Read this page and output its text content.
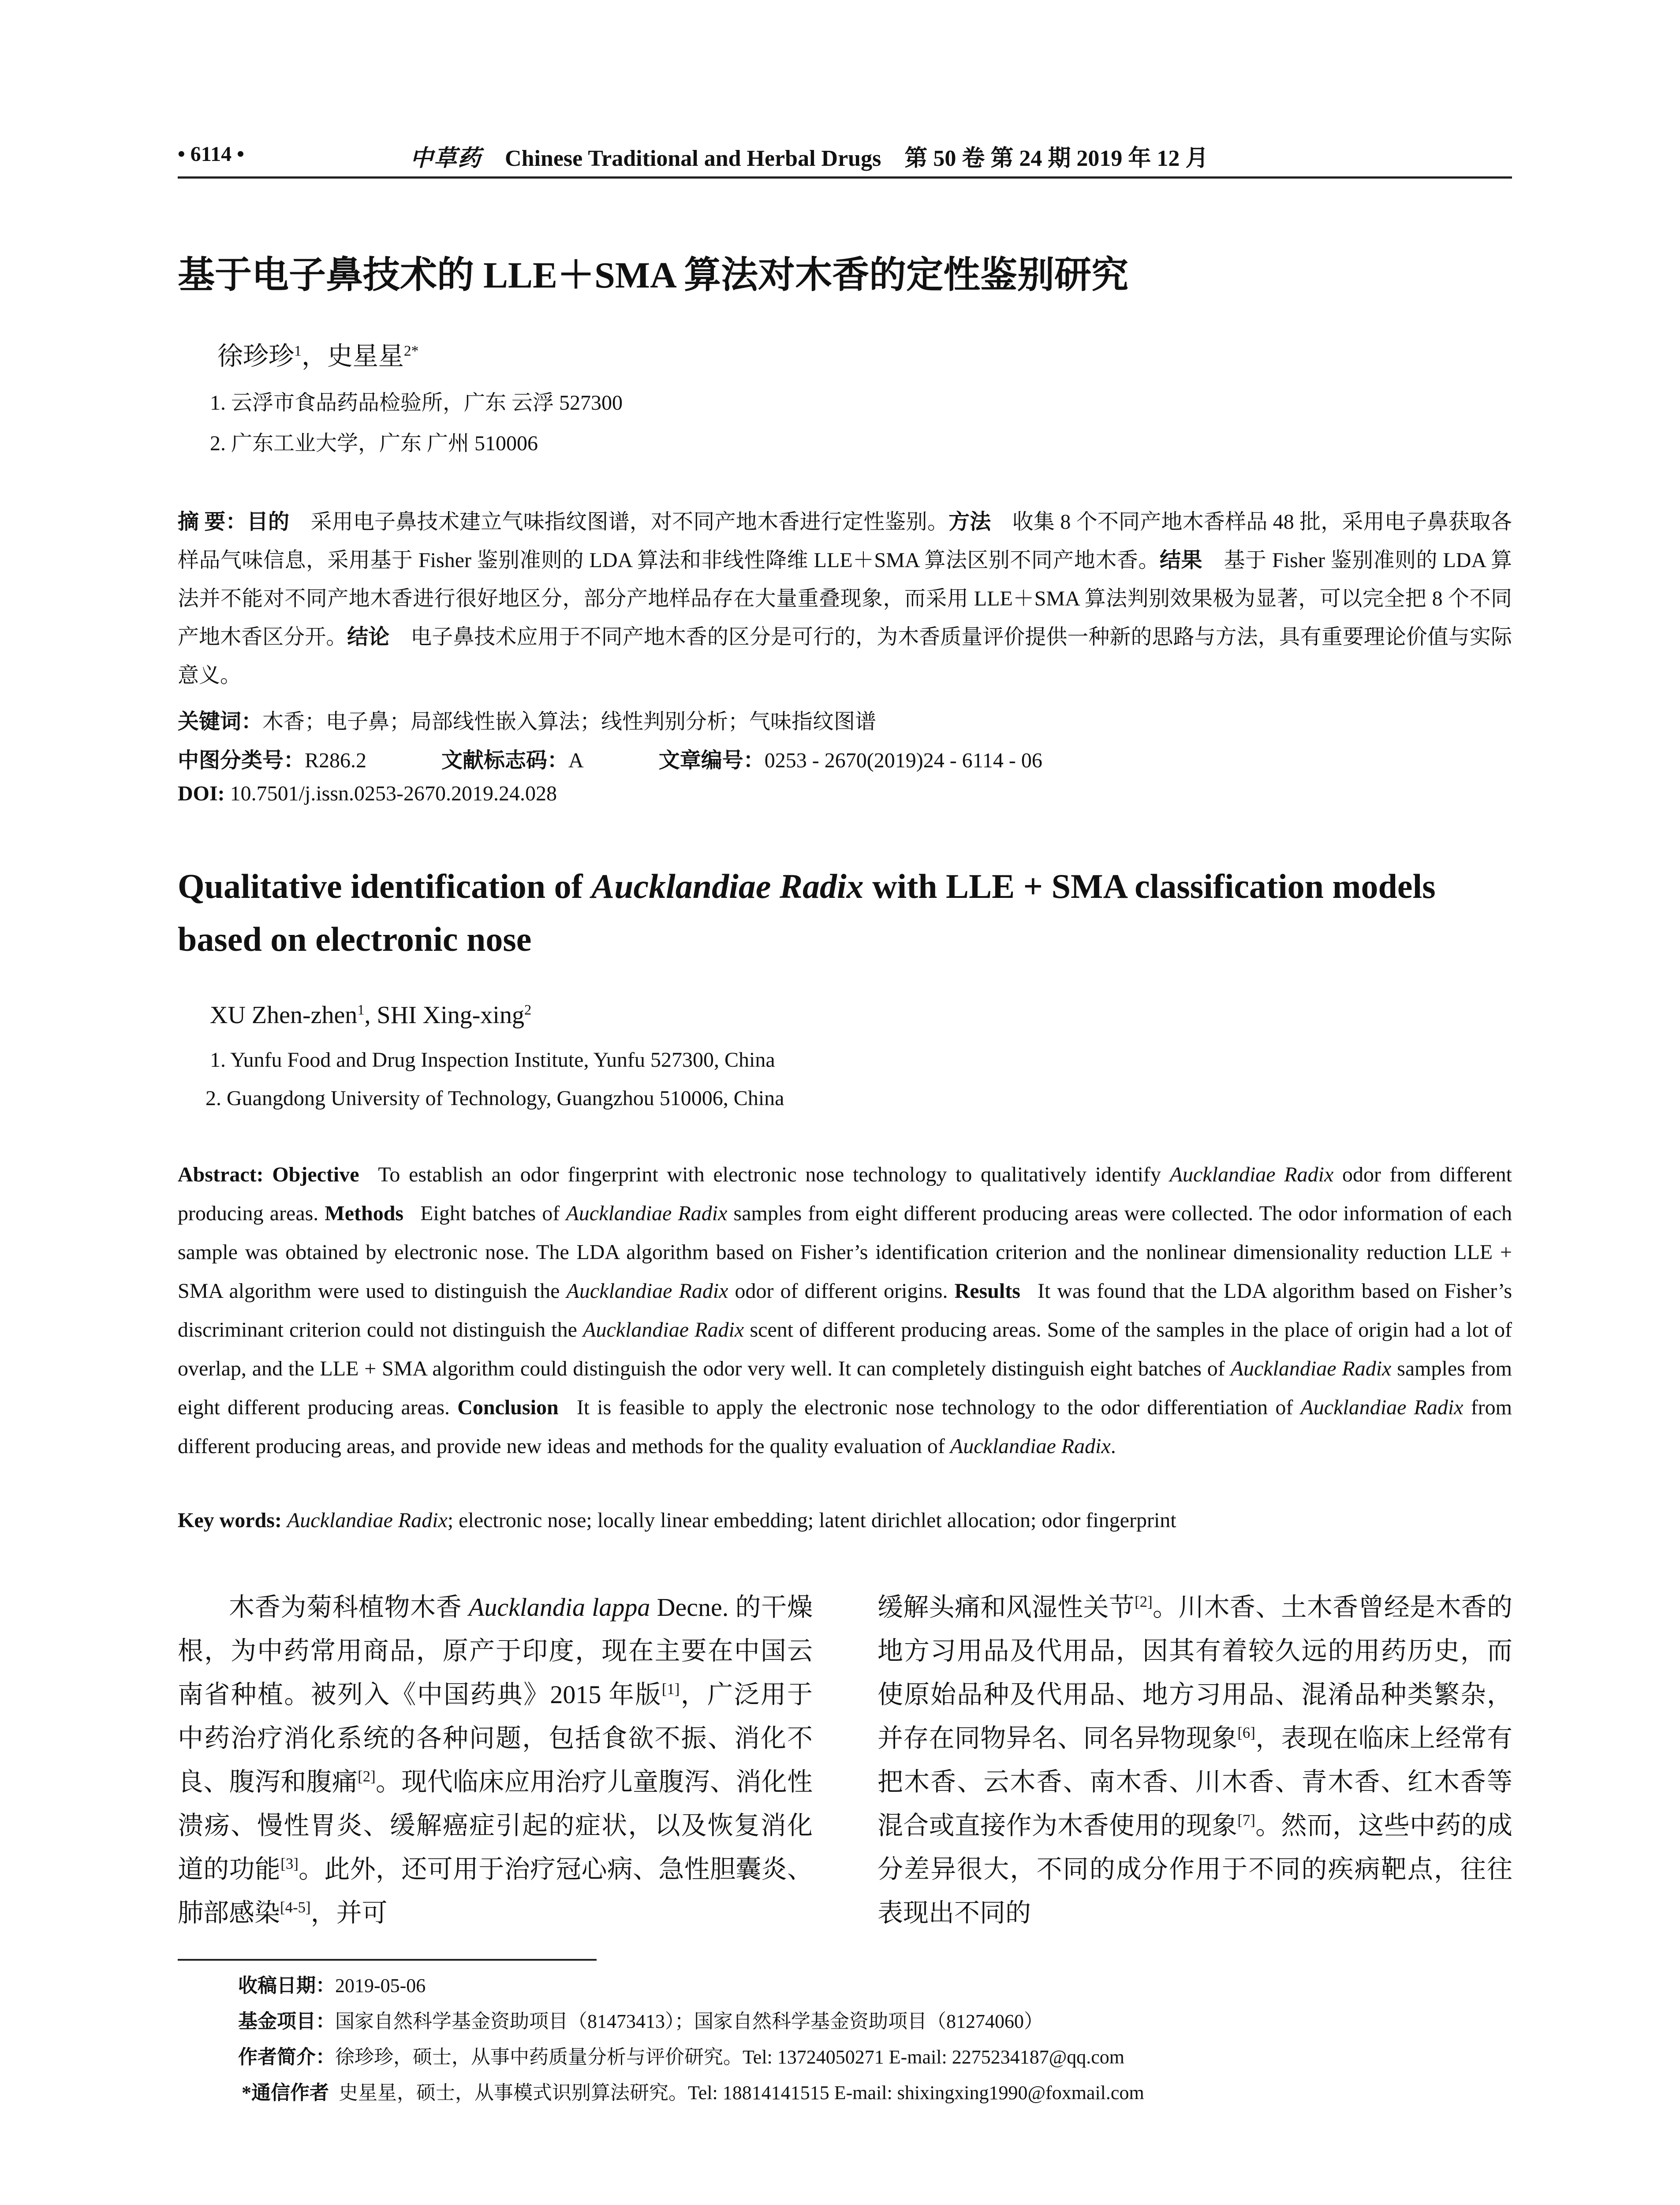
• 6114 •	中草药 Chinese Traditional and Herbal Drugs 第 50 卷 第 24 期 2019 年 12 月
基于电子鼻技术的 LLE＋SMA 算法对木香的定性鉴别研究
徐珍珍$^1$，史星星$^{2*}$
1. 云浮市食品药品检验所，广东 云浮 527300
2. 广东工业大学，广东 广州 510006
摘 要：目的  采用电子鼻技术建立气味指纹图谱，对不同产地木香进行定性鉴别。方法  收集 8 个不同产地木香样品 48 批，采用电子鼻获取各样品气味信息，采用基于 Fisher 鉴别准则的 LDA 算法和非线性降维 LLE＋SMA 算法区别不同产地木香。结果  基于 Fisher 鉴别准则的 LDA 算法并不能对不同产地木香进行很好地区分，部分产地样品存在大量重叠现象，而采用 LLE＋SMA 算法判别效果极为显著，可以完全把 8 个不同产地木香区分开。结论  电子鼻技术应用于不同产地木香的区分是可行的，为木香质量评价提供一种新的思路与方法，具有重要理论价值与实际意义。
关键词：木香；电子鼻；局部线性嵌入算法；线性判别分析；气味指纹图谱
中图分类号：R286.2	文献标志码：A	文章编号：0253 - 2670(2019)24 - 6114 - 06
DOI: 10.7501/j.issn.0253-2670.2019.24.028
Qualitative identification of Aucklandiae Radix with LLE + SMA classification models based on electronic nose
XU Zhen-zhen$^1$, SHI Xing-xing$^2$
1. Yunfu Food and Drug Inspection Institute, Yunfu 527300, China
2. Guangdong University of Technology, Guangzhou 510006, China
Abstract: Objective  To establish an odor fingerprint with electronic nose technology to qualitatively identify Aucklandiae Radix odor from different producing areas. Methods  Eight batches of Aucklandiae Radix samples from eight different producing areas were collected. The odor information of each sample was obtained by electronic nose. The LDA algorithm based on Fisher’s identification criterion and the nonlinear dimensionality reduction LLE + SMA algorithm were used to distinguish the Aucklandiae Radix odor of different origins. Results  It was found that the LDA algorithm based on Fisher’s discriminant criterion could not distinguish the Aucklandiae Radix scent of different producing areas. Some of the samples in the place of origin had a lot of overlap, and the LLE + SMA algorithm could distinguish the odor very well. It can completely distinguish eight batches of Aucklandiae Radix samples from eight different producing areas. Conclusion  It is feasible to apply the electronic nose technology to the odor differentiation of Aucklandiae Radix from different producing areas, and provide new ideas and methods for the quality evaluation of Aucklandiae Radix.
Key words: Aucklandiae Radix; electronic nose; locally linear embedding; latent dirichlet allocation; odor fingerprint
木香为菊科植物木香 Aucklandia lappa Decne. 的干燥根，为中药常用商品，原产于印度，现在主要在中国云南省种植。被列入《中国药典》2015 年版[1]，广泛用于中药治疗消化系统的各种问题，包括食欲不振、消化不良、腹泻和腹痛[2]。现代临床应用治疗儿童腹泻、消化性溃疡、慢性胃炎、缓解癌症引起的症状，以及恢复消化道的功能[3]。此外，还可用于治疗冠心病、急性胆囊炎、肺部感染[4-5]，并可
缓解头痛和风湿性关节[2]。川木香、土木香曾经是木香的地方习用品及代用品，因其有着较久远的用药历史，而使原始品种及代用品、地方习用品、混淆品种类繁杂，并存在同物异名、同名异物现象[6]，表现在临床上经常有把木香、云木香、南木香、川木香、青木香、红木香等混合或直接作为木香使用的现象[7]。然而，这些中药的成分差异很大，不同的成分作用于不同的疾病靶点，往往表现出不同的
收稿日期：2019-05-06
基金项目：国家自然科学基金资助项目（81473413）；国家自然科学基金资助项目（81274060）
作者简介：徐珍珍，硕士，从事中药质量分析与评价研究。Tel: 13724050271 E-mail: 2275234187@qq.com
*通信作者  史星星，硕士，从事模式识别算法研究。Tel: 18814141515 E-mail: shixingxing1990@foxmail.com
